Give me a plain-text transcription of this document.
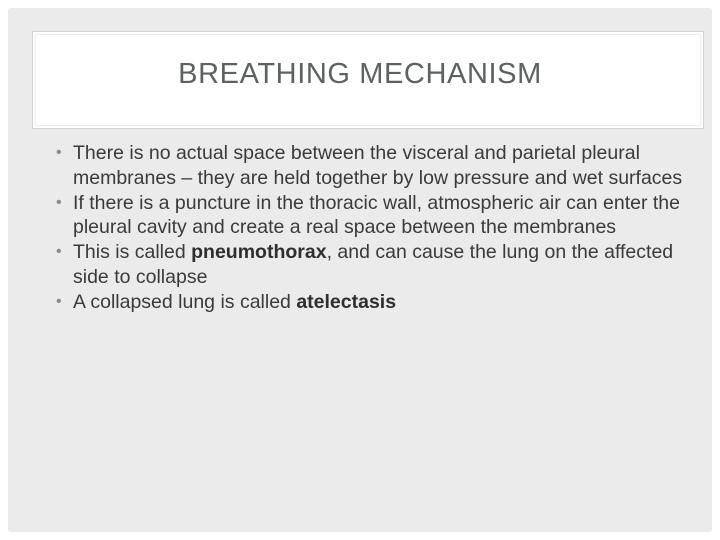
BREATHING MECHANISM
• There is no actual space between the visceral and parietal pleural membranes – they are held together by low pressure and wet surfaces
• If there is a puncture in the thoracic wall, atmospheric air can enter the pleural cavity and create a real space between the membranes
• This is called pneumothorax, and can cause the lung on the affected side to collapse
• A collapsed lung is called atelectasis
